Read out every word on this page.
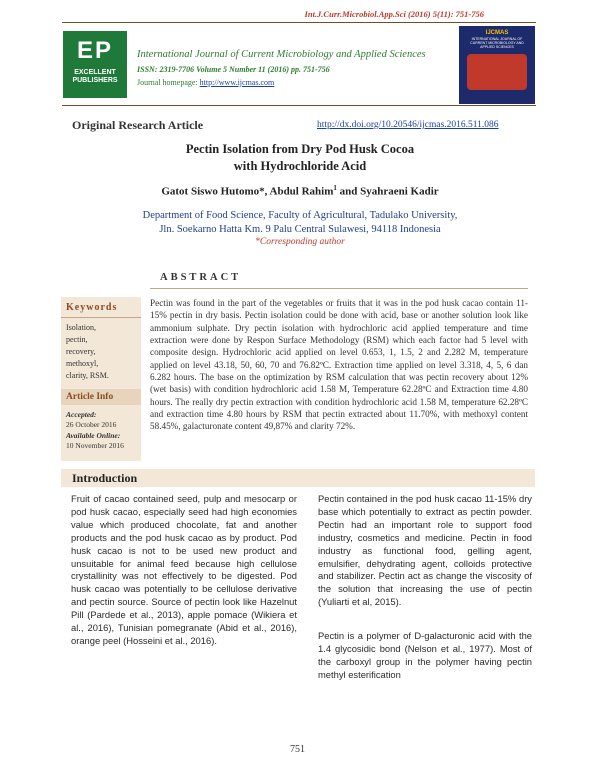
Int.J.Curr.Microbiol.App.Sci (2016) 5(11): 751-756
EP
EXCELLENT PUBLISHERS
International Journal of Current Microbiology and Applied Sciences
ISSN: 2319-7706 Volume 5 Number 11 (2016) pp. 751-756
Journal homepage: http://www.ijcmas.com
IJCMAS
INTERNATIONAL JOURNAL OF CURRENT MICROBIOLOGY AND APPLIED SCIENCES
Original Research Article	http://dx.doi.org/10.20546/ijcmas.2016.511.086
Pectin Isolation from Dry Pod Husk Cocoa
with Hydrochloride Acid
Gatot Siswo Hutomo*, Abdul Rahim$^1$ and Syahraeni Kadir
Department of Food Science, Faculty of Agricultural, Tadulako University,
Jln. Soekarno Hatta Km. 9 Palu Central Sulawesi, 94118 Indonesia
*Corresponding author
ABSTRACT
Keywords
Isolation,
pectin,
recovery,
methoxyl,
clarity, RSM.
Article Info
Accepted:
26 October 2016
Available Online:
10 November 2016
Pectin was found in the part of the vegetables or fruits that it was in the pod husk cacao contain 11-15% pectin in dry basis. Pectin isolation could be done with acid, base or another solution look like ammonium sulphate. Dry pectin isolation with hydrochloric acid applied temperature and time extraction were done by Respon Surface Methodology (RSM) which each factor had 5 level with composite design. Hydrochloric acid applied on level 0.653, 1, 1.5, 2 and 2.282 M, temperature applied on level 43.18, 50, 60, 70 and 76.82ºC. Extraction time applied on level 3.318, 4, 5, 6 dan 6.282 hours. The base on the optimization by RSM calculation that was pectin recovery about 12% (wet basis) with condition hydrochloric acid 1.58 M, Temperature 62.28ºC and Extraction time 4.80 hours. The really dry pectin extraction with condition hydrochloric acid 1.58 M, temperature 62.28ºC and extraction time 4.80 hours by RSM that pectin extracted about 11.70%, with methoxyl content 58.45%, galacturonate content 49,87% and clarity 72%.
Introduction
Fruit of cacao contained seed, pulp and mesocarp or pod husk cacao, especially seed had high economies value which produced chocolate, fat and another products and the pod husk cacao as by product. Pod husk cacao is not to be used new product and unsuitable for animal feed because high cellulose crystallinity was not effectively to be digested. Pod husk cacao was potentially to be cellulose derivative and pectin source. Source of pectin look like Hazelnut Pill (Pardede et al., 2013), apple pomace (Wikiera et al., 2016), Tunisian pomegranate (Abid et al., 2016), orange peel (Hosseini et al., 2016).
Pectin contained in the pod husk cacao 11-15% dry base which potentially to extract as pectin powder. Pectin had an important role to support food industry, cosmetics and medicine. Pectin in food industry as functional food, gelling agent, emulsifier, dehydrating agent, colloids protective and stabilizer. Pectin act as change the viscosity of the solution that increasing the use of pectin (Yuliarti et al, 2015).
Pectin is a polymer of D-galacturonic acid with the 1.4 glycosidic bond (Nelson et al., 1977). Most of the carboxyl group in the polymer having pectin methyl esterification
751
